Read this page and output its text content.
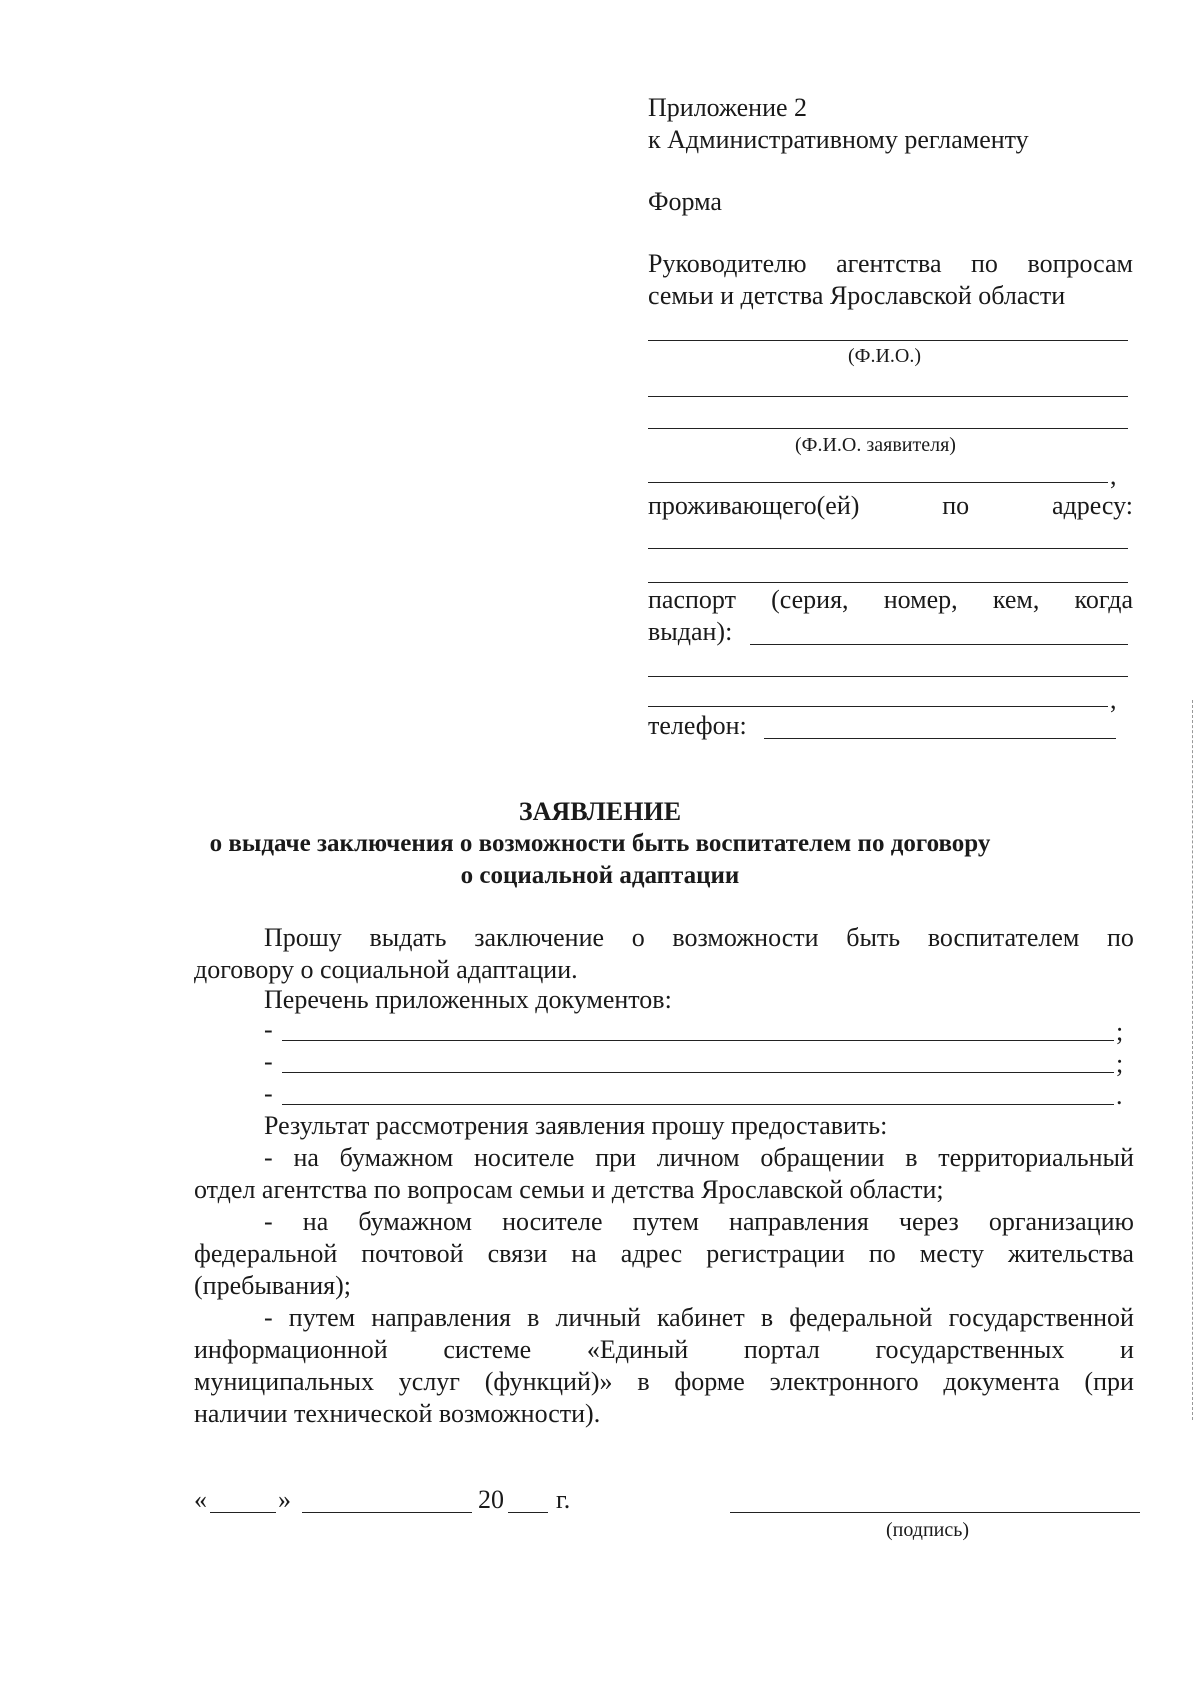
Приложение 2
к Административному регламенту
Форма
Руководителю агентства по вопросам
семьи и детства Ярославской области
(Ф.И.О.)
(Ф.И.О. заявителя)
,
проживающего(ей)	по	адресу:
паспорт (серия, номер, кем, когда
выдан):
,
телефон:
ЗАЯВЛЕНИЕ
о выдаче заключения о возможности быть воспитателем по договору
о социальной адаптации
Прошу выдать заключение о возможности быть воспитателем по
договору о социальной адаптации.
Перечень приложенных документов:
-	;
-	;
-	.
Результат рассмотрения заявления прошу предоставить:
- на бумажном носителе при личном обращении в территориальный
отдел агентства по вопросам семьи и детства Ярославской области;
- на бумажном носителе путем направления через организацию
федеральной почтовой связи на адрес регистрации по месту жительства
(пребывания);
- путем направления в личный кабинет в федеральной государственной
информационной системе «Единый портал государственных и
муниципальных услуг (функций)» в форме электронного документа (при
наличии технической возможности).
«	»	20 г.
(подпись)
